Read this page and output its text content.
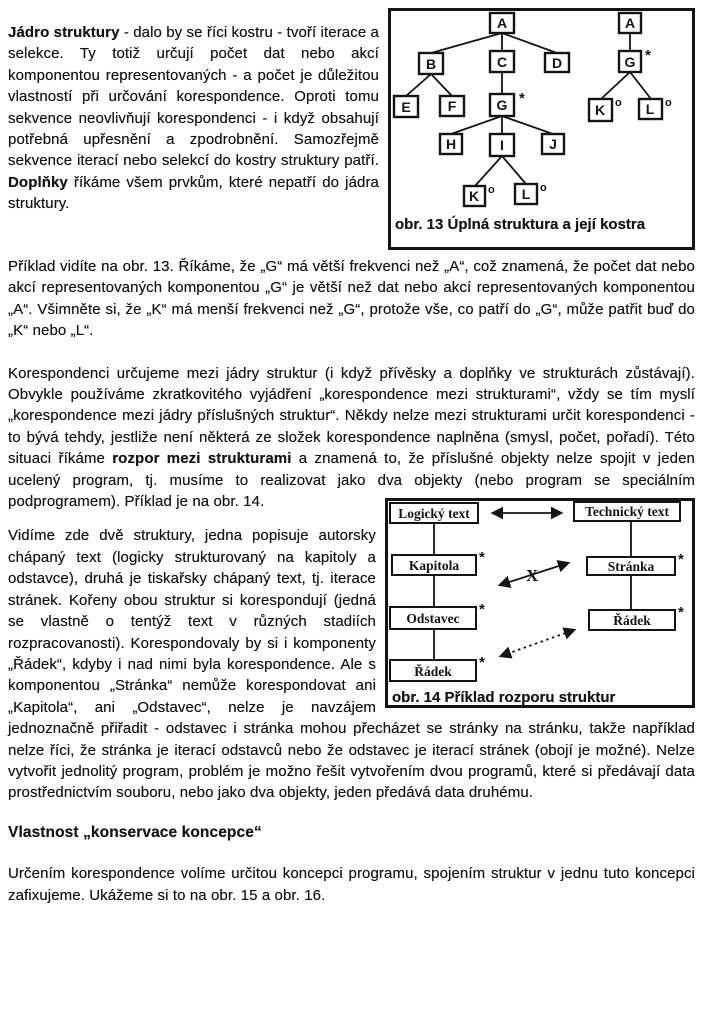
A
B	C	D
E	F	G *
H	I	J
K o L o
A
G *
K o L o
obr. 13 Úplná struktura a její kostra

Jádro struktury - dalo by se říci kostru - tvoří iterace a selekce. Ty totiž určují počet dat nebo akcí komponentou representovaných - a počet je důležitou vlastností při určování korespondence. Oproti tomu sekvence neovlivňují korespondenci - i když obsahují potřebná upřesnění a zpodrobnění. Samozřejmě sekvence iterací nebo selekcí do kostry struktury patří. Doplňky říkáme všem prvkům, které nepatří do jádra struktury.

Příklad vidíte na obr. 13. Říkáme, že „G“ má větší frekvenci než „A“, což znamená, že počet dat nebo akcí representovaných komponentou „G“ je větší než dat nebo akcí representovaných komponentou „A“. Všimněte si, že „K“ má menší frekvenci než „G“, protože vše, co patří do „G“, může patřit buď do „K“ nebo „L“.

Korespondenci určujeme mezi jádry struktur (i když přívěsky a doplňky ve strukturách zůstávají). Obvykle používáme zkratkovitého vyjádření „korespondence mezi strukturami“, vždy se tím myslí „korespondence mezi jádry příslušných struktur“. Někdy nelze mezi strukturami určit korespondenci - to bývá tehdy, jestliže není některá ze složek korespondence naplněna (smysl, počet, pořadí). Této situaci říkáme rozpor mezi strukturami a znamená to, že příslušné objekty nelze spojit v jeden ucelený program, tj. musíme to realizovat jako dva objekty (nebo program se speciálním podprogramem). Příklad je na obr. 14.

X
Logický text
Kapitola *
Odstavec
*
Řádek
*
Technický text
Stránka *
Řádek *
obr. 14 Příklad rozporu struktur

Vidíme zde dvě struktury, jedna popisuje autorsky chápaný text (logicky strukturovaný na kapitoly a odstavce), druhá je tiskařsky chápaný text, tj. iterace stránek. Kořeny obou struktur si korespondují (jedná se vlastně o tentýž text v různých stadiích rozpracovanosti). Korespondovaly by si i komponenty „Řádek“, kdyby i nad nimi byla korespondence. Ale s komponentou „Stránka“ nemůže korespondovat ani „Kapitola“, ani „Odstavec“, nelze je navzájem jednoznačně přiřadit - odstavec i stránka mohou přecházet se stránky na stránku, takže například nelze říci, že stránka je iterací odstavců nebo že odstavec je iterací stránek (obojí je možné). Nelze vytvořit jednolitý program, problém je možno řešit vytvořením dvou programů, které si předávají data prostřednictvím souboru, nebo jako dva objekty, jeden předává data druhému.

Vlastnost „konservace koncepce“

Určením korespondence volíme určitou koncepci programu, spojením struktur v jednu tuto koncepci zafixujeme. Ukážeme si to na obr. 15 a obr. 16.
